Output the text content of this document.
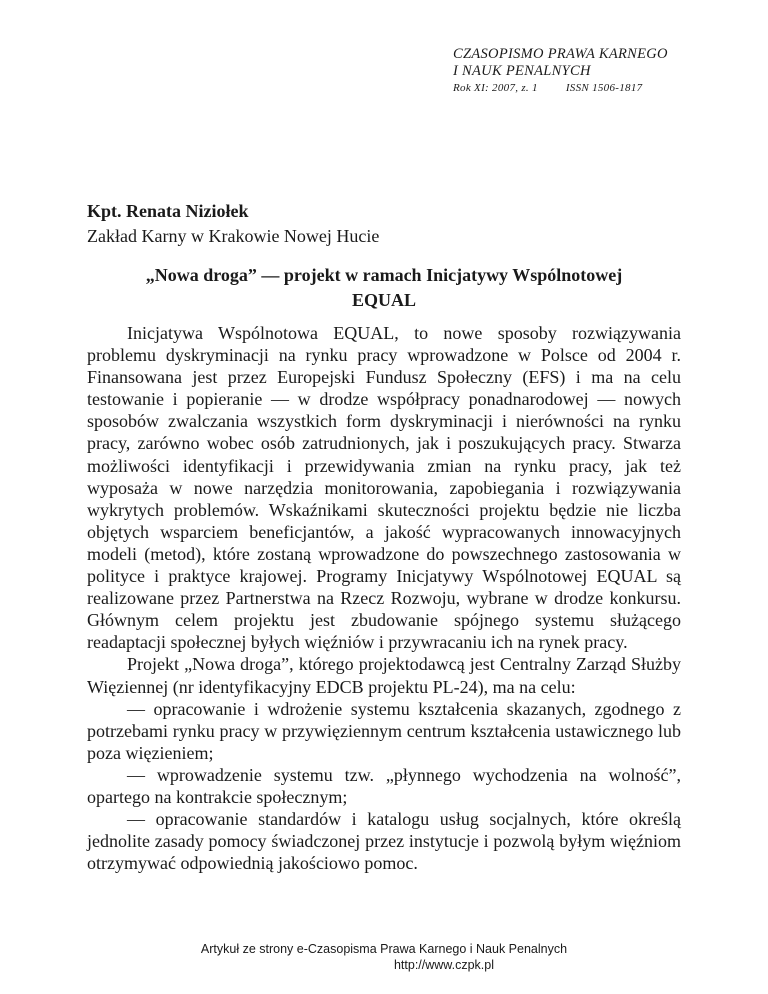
CZASOPISMO PRAWA KARNEGO
I NAUK PENALNYCH
Rok XI: 2007, z. 1	ISSN 1506-1817
Kpt. Renata Niziołek
Zakład Karny w Krakowie Nowej Hucie
„Nowa droga” — projekt w ramach Inicjatywy Wspólnotowej
EQUAL

Inicjatywa Wspólnotowa EQUAL, to nowe sposoby rozwiązywania problemu dyskryminacji na rynku pracy wprowadzone w Polsce od 2004 r. Finansowana jest przez Europejski Fundusz Społeczny (EFS) i ma na celu testowanie i popieranie — w drodze współpracy ponadnarodowej — nowych sposobów zwalczania wszystkich form dyskryminacji i nierówności na rynku pracy, zarówno wobec osób zatrudnionych, jak i poszukujących pracy. Stwarza możliwości identyfikacji i przewidywania zmian na rynku pracy, jak też wyposaża w nowe narzędzia monitorowania, zapobiegania i rozwiązywania wykrytych problemów. Wskaźnikami skuteczności projektu będzie nie liczba objętych wsparciem beneficjantów, a jakość wypracowanych innowacyjnych modeli (metod), które zostaną wprowadzone do powszechnego zastosowania w polityce i praktyce krajowej. Programy Inicjatywy Wspólnotowej EQUAL są realizowane przez Partnerstwa na Rzecz Rozwoju, wybrane w drodze konkursu. Głównym celem projektu jest zbudowanie spójnego systemu służącego readaptacji społecznej byłych więźniów i przywracaniu ich na rynek pracy.

Projekt „Nowa droga”, którego projektodawcą jest Centralny Zarząd Służby Więziennej (nr identyfikacyjny EDCB projektu PL-24), ma na celu:

— opracowanie i wdrożenie systemu kształcenia skazanych, zgodnego z potrzebami rynku pracy w przywięziennym centrum kształcenia ustawicznego lub poza więzieniem;

— wprowadzenie systemu tzw. „płynnego wychodzenia na wolność”, opartego na kontrakcie społecznym;

— opracowanie standardów i katalogu usług socjalnych, które określą jednolite zasady pomocy świadczonej przez instytucje i pozwolą byłym więźniom otrzymywać odpowiednią jakościowo pomoc.

Artykuł ze strony e-Czasopisma Prawa Karnego i Nauk Penalnych
http://www.czpk.pl
